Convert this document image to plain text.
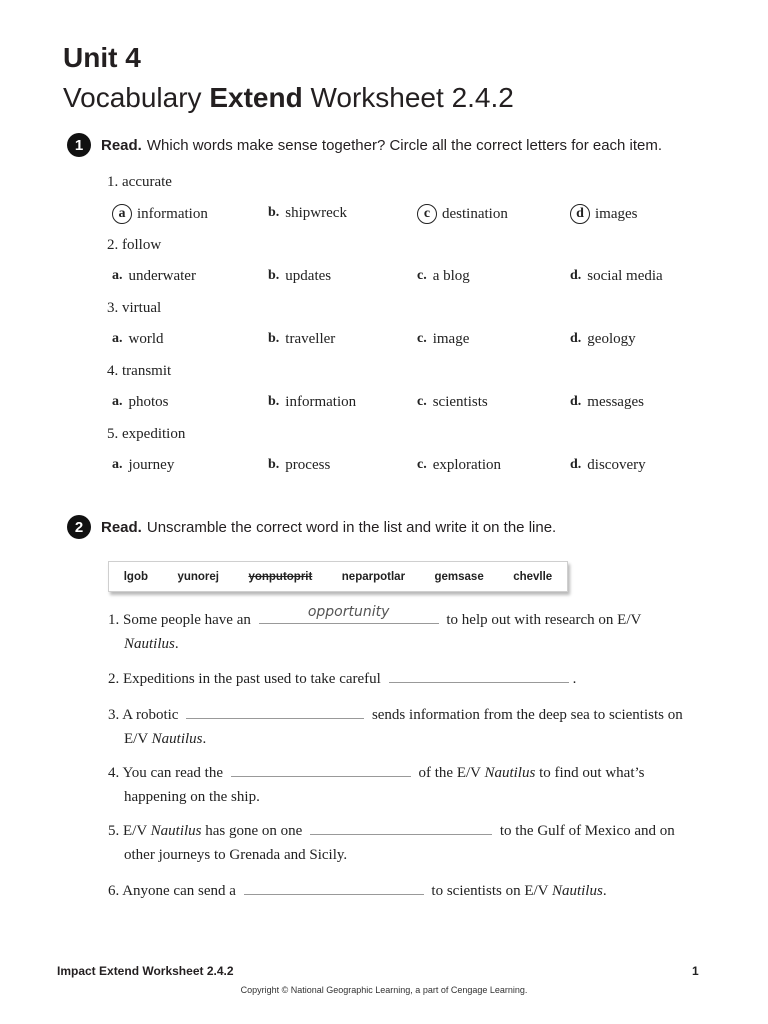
Unit 4
Vocabulary Extend Worksheet 2.4.2
1	Read. Which words make sense together? Circle all the correct letters for each item.
1. accurate
a information	b. shipwreck	c destination	d images
2. follow
a. underwater	b. updates	c. a blog	d. social media
3. virtual
a. world	b. traveller	c. image	d. geology
4. transmit
a. photos	b. information	c. scientists	d. messages
5. expedition
a. journey	b. process	c. exploration	d. discovery
2	Read. Unscramble the correct word in the list and write it on the line.
lgob	yunorej	yonputoprit	neparpotlar	gemsase	chevlle
1. Some people have an	opportunity	to help out with research on E/V
Nautilus.
2. Expeditions in the past used to take careful	.
3. A robotic	sends information from the deep sea to scientists on
E/V Nautilus.
4. You can read the	of the E/V Nautilus to find out what’s
happening on the ship.
5. E/V Nautilus has gone on one	to the Gulf of Mexico and on
other journeys to Grenada and Sicily.
6. Anyone can send a	to scientists on E/V Nautilus.
Impact Extend Worksheet 2.4.2	1
Copyright © National Geographic Learning, a part of Cengage Learning.
